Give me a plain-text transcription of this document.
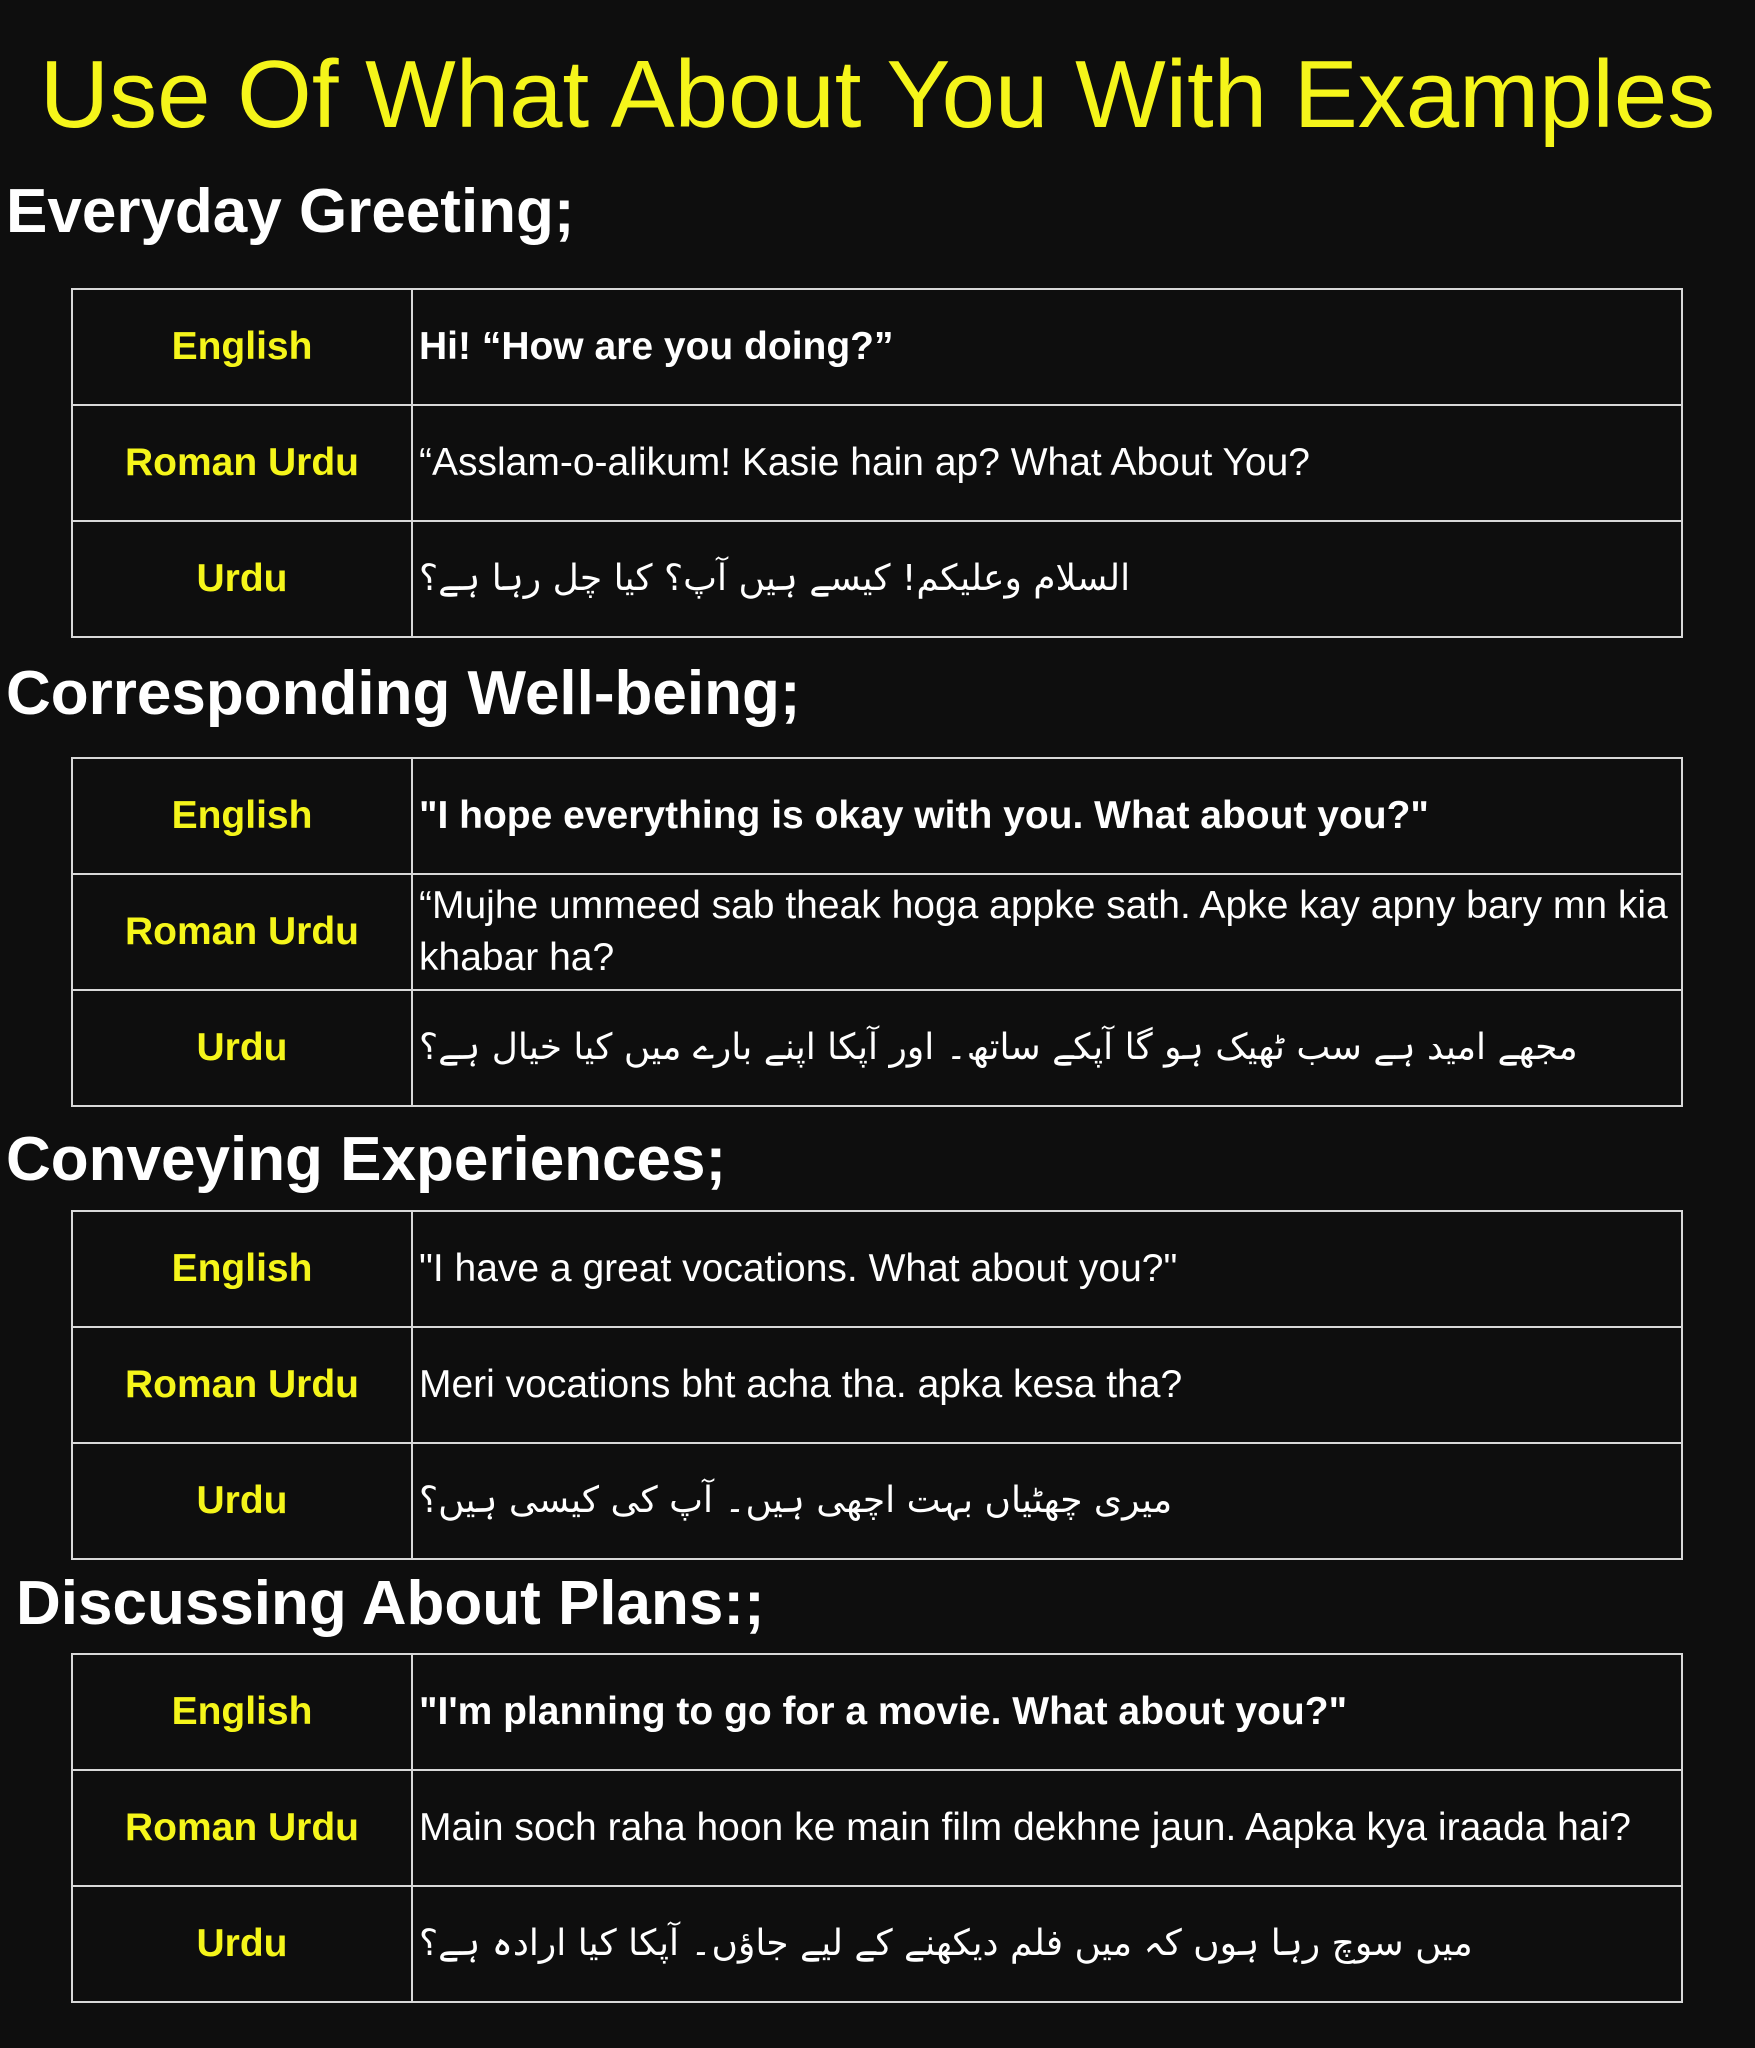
Use Of What About You With Examples
Everyday Greeting;
English	Hi! “How are you doing?”
Roman Urdu	“Asslam-o-alikum! Kasie hain ap? What About You?
Urdu	السلام وعلیکم! کیسے ہیں آپ؟ کیا چل رہا ہے؟
Corresponding Well-being;
English	"I hope everything is okay with you. What about you?"
Roman Urdu	“Mujhe ummeed sab theak hoga appke sath. Apke kay apny bary mn kia khabar ha?
Urdu	مجھے امید ہے سب ٹھیک ہو گا آپکے ساتھ۔ اور آپکا اپنے بارے میں کیا خیال ہے؟
Conveying Experiences;
English	"I have a great vocations. What about you?"
Roman Urdu	Meri vocations bht acha tha. apka kesa tha?
Urdu	میری چھٹیاں بہت اچھی ہیں۔ آپ کی کیسی ہیں؟
Discussing About Plans:;
English	"I'm planning to go for a movie. What about you?"
Roman Urdu	Main soch raha hoon ke main film dekhne jaun. Aapka kya iraada hai?
Urdu	میں سوچ رہا ہوں کہ میں فلم دیکھنے کے لیے جاؤں۔ آپکا کیا ارادہ ہے؟
